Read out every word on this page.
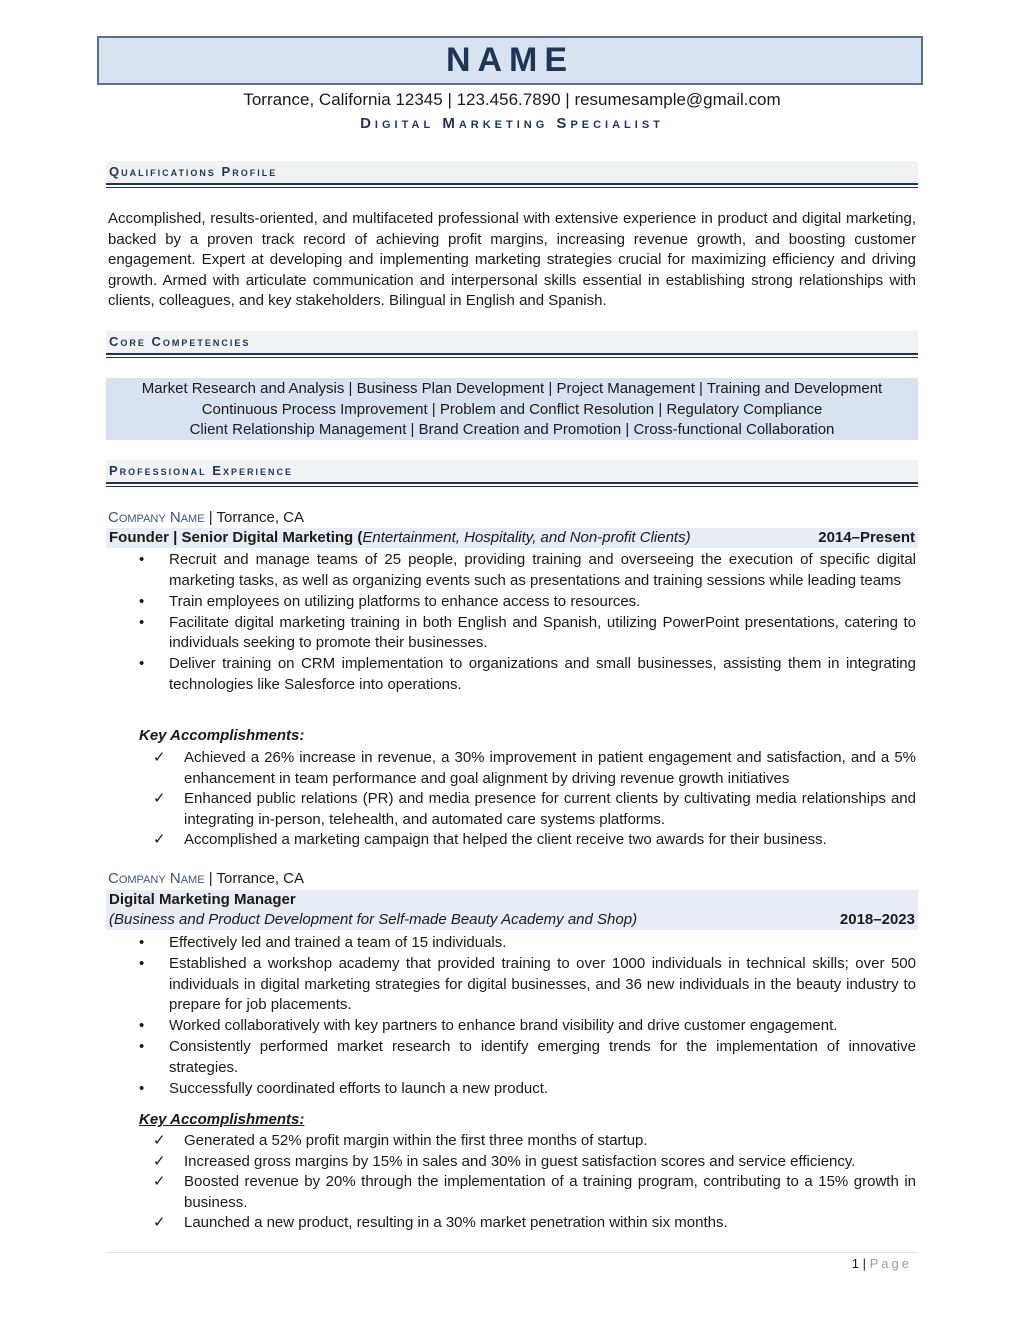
NAME
Torrance, California 12345 | 123.456.7890 | resumesample@gmail.com
Digital Marketing Specialist
Qualifications Profile
Accomplished, results-oriented, and multifaceted professional with extensive experience in product and digital marketing, backed by a proven track record of achieving profit margins, increasing revenue growth, and boosting customer engagement. Expert at developing and implementing marketing strategies crucial for maximizing efficiency and driving growth. Armed with articulate communication and interpersonal skills essential in establishing strong relationships with clients, colleagues, and key stakeholders. Bilingual in English and Spanish.
Core Competencies
Market Research and Analysis | Business Plan Development | Project Management | Training and Development
Continuous Process Improvement | Problem and Conflict Resolution | Regulatory Compliance
Client Relationship Management | Brand Creation and Promotion | Cross-functional Collaboration
Professional Experience
Company Name | Torrance, CA
Founder | Senior Digital Marketing (Entertainment, Hospitality, and Non-profit Clients)	2014–Present
• Recruit and manage teams of 25 people, providing training and overseeing the execution of specific digital marketing tasks, as well as organizing events such as presentations and training sessions while leading teams
• Train employees on utilizing platforms to enhance access to resources.
• Facilitate digital marketing training in both English and Spanish, utilizing PowerPoint presentations, catering to individuals seeking to promote their businesses.
• Deliver training on CRM implementation to organizations and small businesses, assisting them in integrating technologies like Salesforce into operations.
Key Accomplishments:
✓ Achieved a 26% increase in revenue, a 30% improvement in patient engagement and satisfaction, and a 5% enhancement in team performance and goal alignment by driving revenue growth initiatives
✓ Enhanced public relations (PR) and media presence for current clients by cultivating media relationships and integrating in-person, telehealth, and automated care systems platforms.
✓ Accomplished a marketing campaign that helped the client receive two awards for their business.
Company Name | Torrance, CA
Digital Marketing Manager
(Business and Product Development for Self-made Beauty Academy and Shop)	2018–2023
• Effectively led and trained a team of 15 individuals.
• Established a workshop academy that provided training to over 1000 individuals in technical skills; over 500 individuals in digital marketing strategies for digital businesses, and 36 new individuals in the beauty industry to prepare for job placements.
• Worked collaboratively with key partners to enhance brand visibility and drive customer engagement.
• Consistently performed market research to identify emerging trends for the implementation of innovative strategies.
• Successfully coordinated efforts to launch a new product.
Key Accomplishments:
✓ Generated a 52% profit margin within the first three months of startup.
✓ Increased gross margins by 15% in sales and 30% in guest satisfaction scores and service efficiency.
✓ Boosted revenue by 20% through the implementation of a training program, contributing to a 15% growth in business.
✓ Launched a new product, resulting in a 30% market penetration within six months.
1 | Page
